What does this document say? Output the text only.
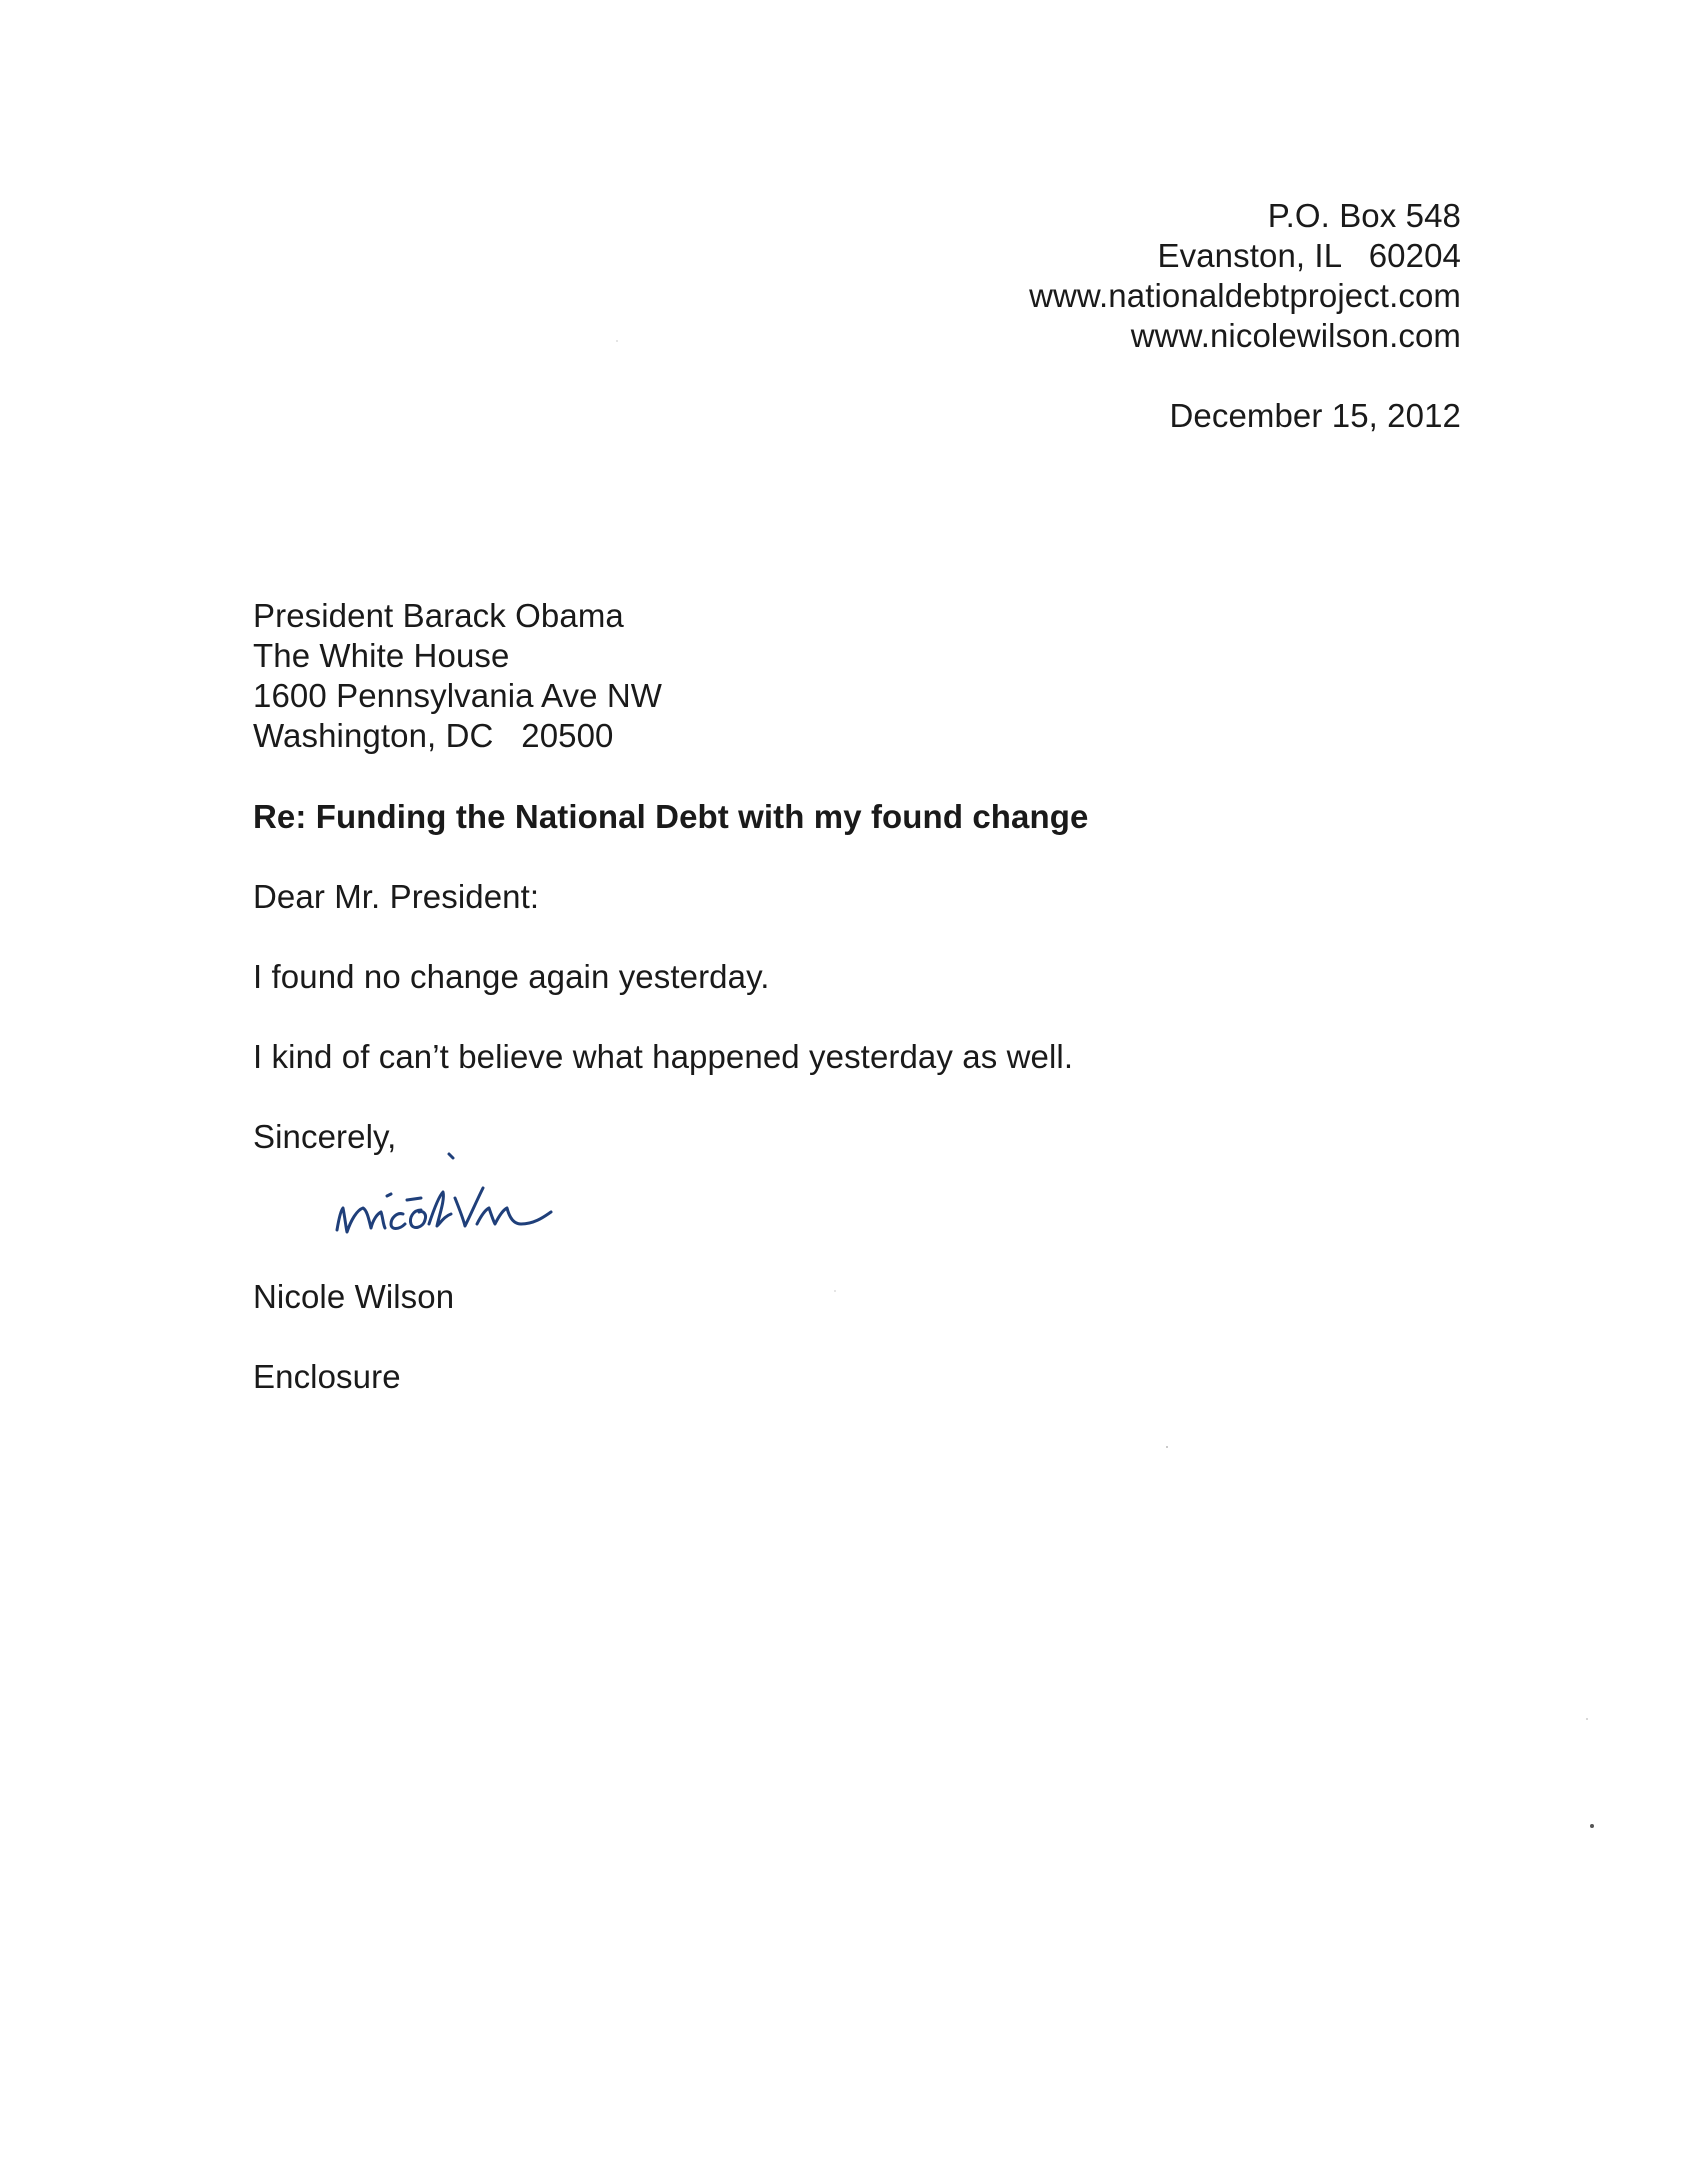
P.O. Box 548
Evanston, IL   60204
www.nationaldebtproject.com
www.nicolewilson.com
December 15, 2012
President Barack Obama
The White House
1600 Pennsylvania Ave NW
Washington, DC   20500
Re: Funding the National Debt with my found change
Dear Mr. President:
I found no change again yesterday.
I kind of can’t believe what happened yesterday as well.
Sincerely,
Nicole Wilson
Enclosure
